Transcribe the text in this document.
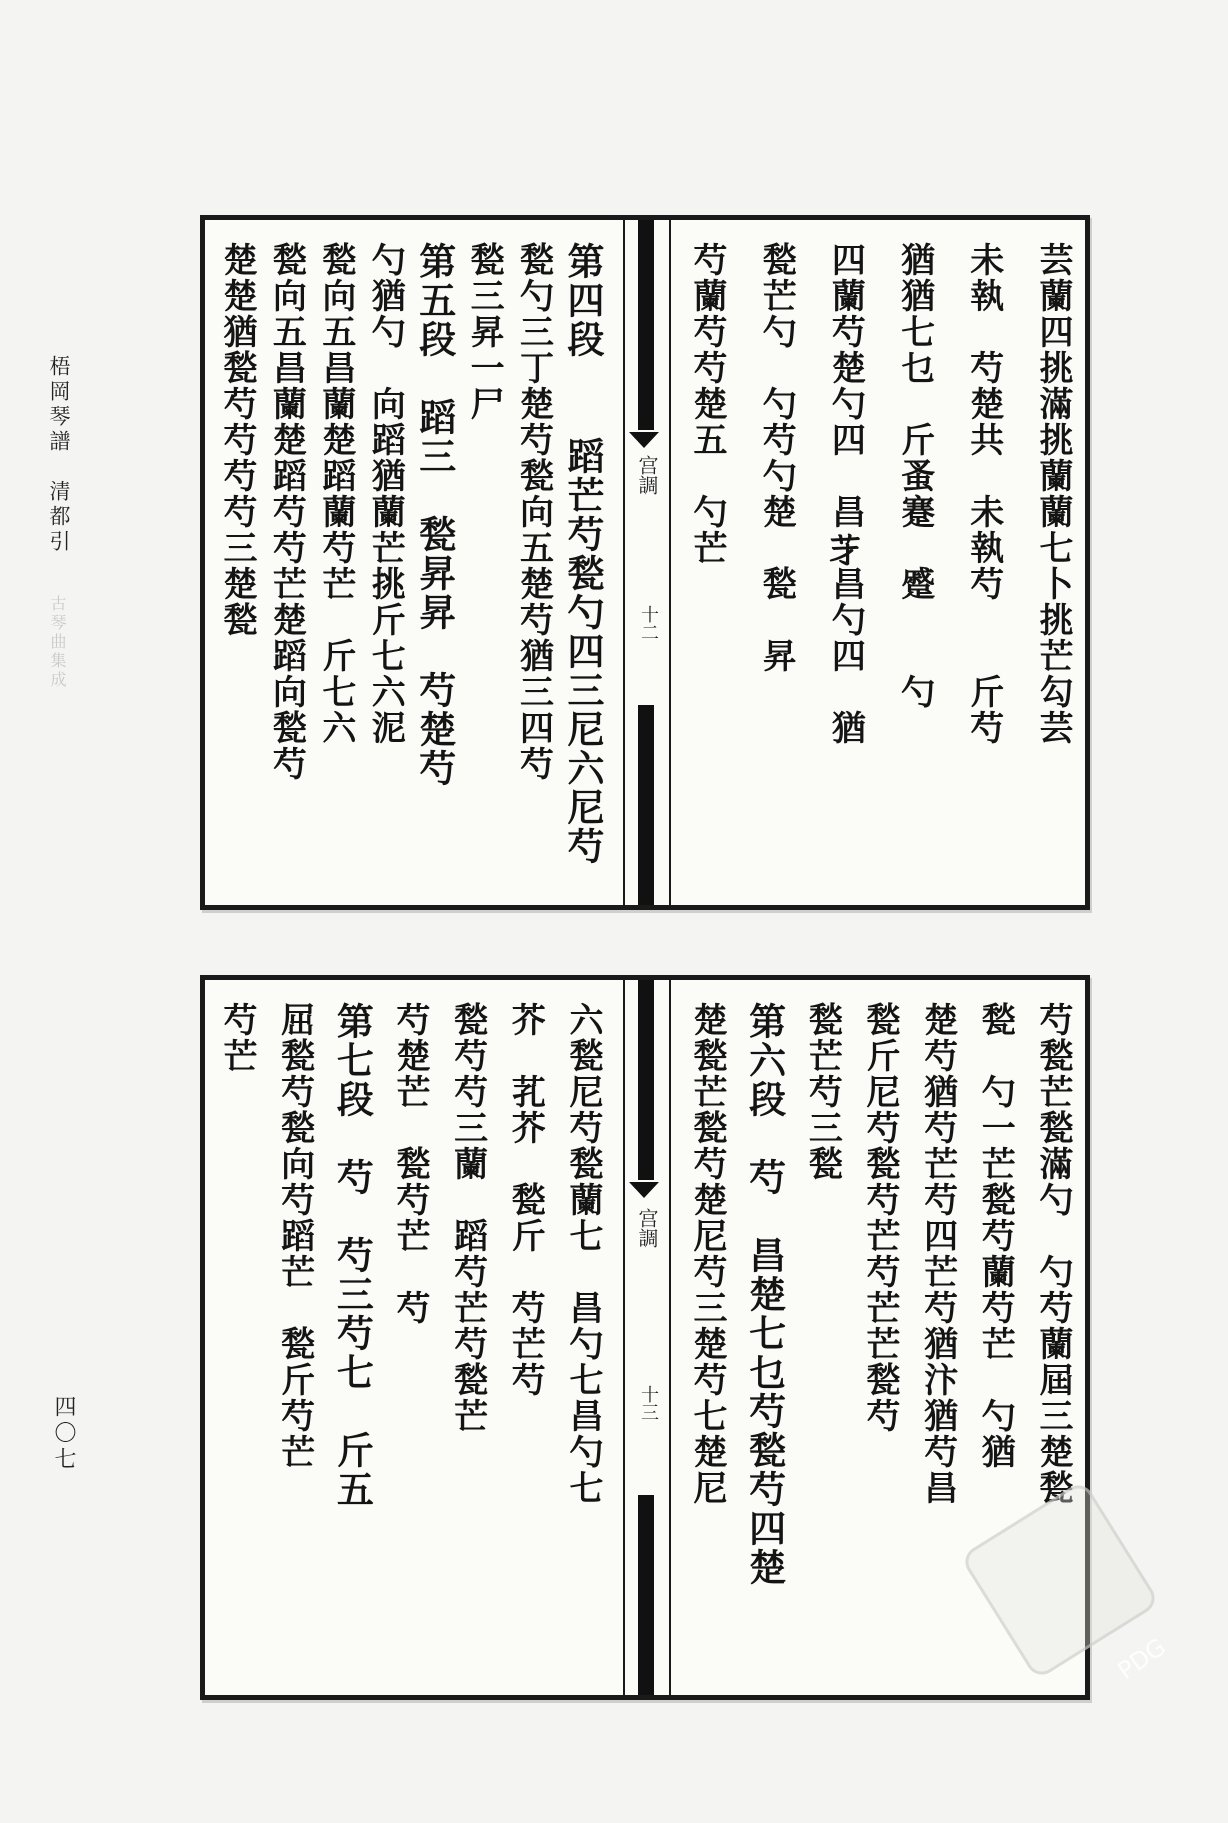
梧岡琴譜　清都引
古琴曲集成
四〇七
芸蘭四挑滿挑蘭蘭七卜挑芒勾芸
未執　芍楚共　未執芍　　斤芍
猶猶七乜　斤蚤蹇　蹙　　勺
四蘭芍楚勺四　昌𦬁昌勺四　猶
甃芒勺　勺芍勺楚　甃　昇
芍蘭芍芍楚五　勺芒
宫調
十二
第四段　　蹈芒芍甃勺四三尼六尼芍
甃勺三丁楚芍甃向五楚芍猶三四芍
甃三昇一尸
第五段　蹈三　甃昇昇　芍楚芍
勺猶勺　向蹈猶蘭芒挑斤七六泥
甃向五昌蘭楚蹈蘭芍芒　斤七六
甃向五昌蘭楚蹈芍芍芒楚蹈向甃芍
楚楚猶甃芍芍芍芍三楚甃
芍甃芒甃滿勺　勺芍蘭屆三楚甃
甃　勺一芒甃芍蘭芍芒　勺猶
楚芍猶芍芒芍四芒芍猶汴猶芍昌
甃斤尼芍甃芍芒芍芒芒甃芍
甃芒芍三甃
第六段　芍　昌楚七乜芍甃芍四楚
楚甃芒甃芍楚尼芍三楚芍七楚尼
宫調
十三
六甃尼芍甃蘭七　昌勺七昌勺七
芥　芤芥　甃斤　芍芒芍
甃芍芍三蘭　蹈芍芒芍甃芒
芍楚芒　甃芍芒　芍
第七段　芍　芍三芍七　斤五
屈甃芍甃向芍蹈芒　甃斤芍芒
芍芒
PDG
